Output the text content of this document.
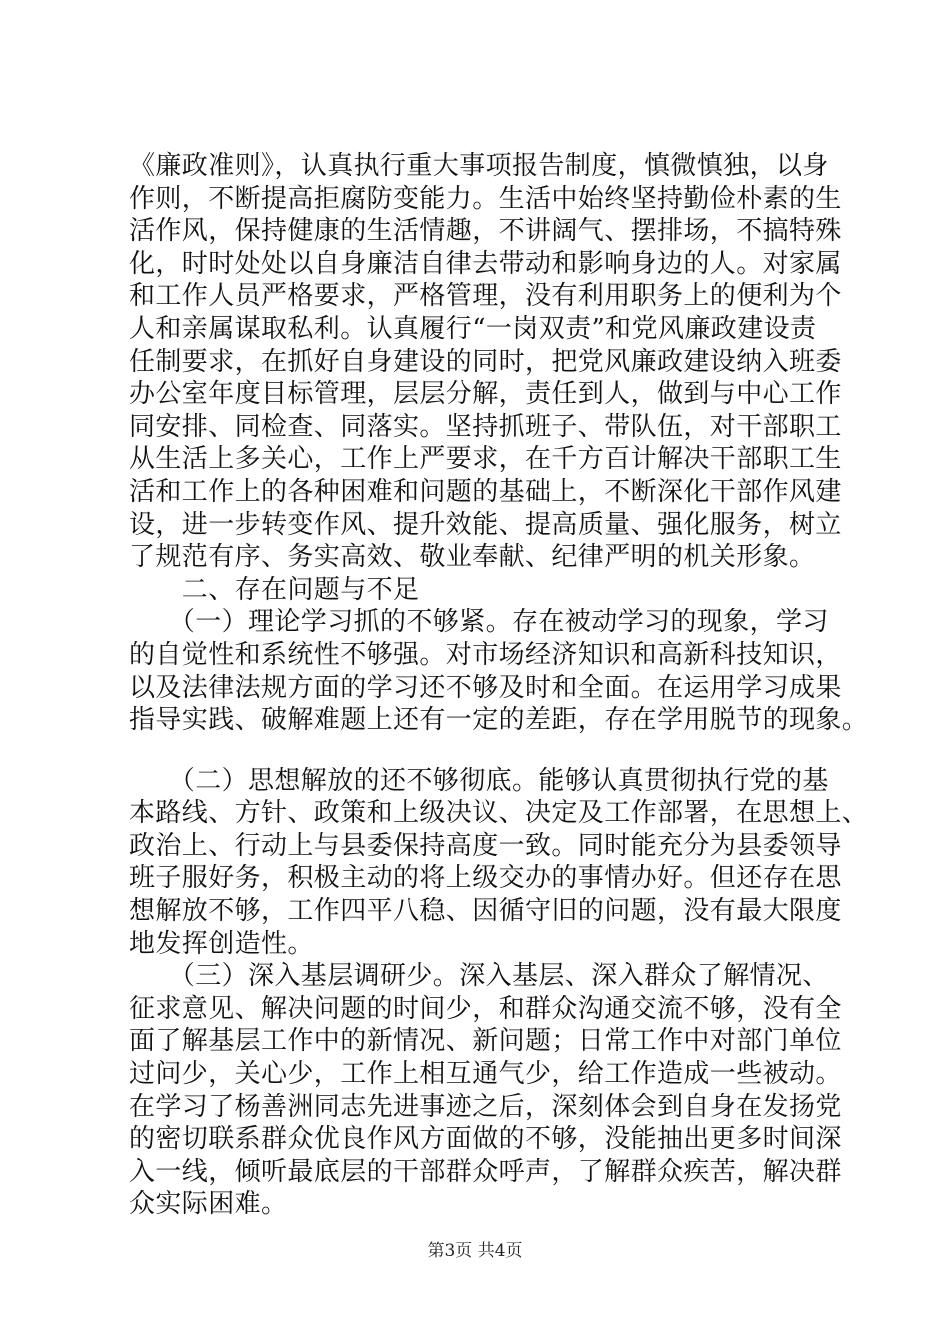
《廉政准则》，认真执行重大事项报告制度，慎微慎独，以身
作则，不断提高拒腐防变能力。生活中始终坚持勤俭朴素的生
活作风，保持健康的生活情趣，不讲阔气、摆排场，不搞特殊
化，时时处处以自身廉洁自律去带动和影响身边的人。对家属
和工作人员严格要求，严格管理，没有利用职务上的便利为个
人和亲属谋取私利。认真履行“一岗双责”和党风廉政建设责
任制要求，在抓好自身建设的同时，把党风廉政建设纳入班委
办公室年度目标管理，层层分解，责任到人，做到与中心工作
同安排、同检查、同落实。坚持抓班子、带队伍，对干部职工
从生活上多关心，工作上严要求，在千方百计解决干部职工生
活和工作上的各种困难和问题的基础上，不断深化干部作风建
设，进一步转变作风、提升效能、提高质量、强化服务，树立
了规范有序、务实高效、敬业奉献、纪律严明的机关形象。
　　二、存在问题与不足
　　（一）理论学习抓的不够紧。存在被动学习的现象，学习
的自觉性和系统性不够强。对市场经济知识和高新科技知识，
以及法律法规方面的学习还不够及时和全面。在运用学习成果
指导实践、破解难题上还有一定的差距，存在学用脱节的现象。
　　（二）思想解放的还不够彻底。能够认真贯彻执行党的基
本路线、方针、政策和上级决议、决定及工作部署，在思想上、
政治上、行动上与县委保持高度一致。同时能充分为县委领导
班子服好务，积极主动的将上级交办的事情办好。但还存在思
想解放不够，工作四平八稳、因循守旧的问题，没有最大限度
地发挥创造性。
　　（三）深入基层调研少。深入基层、深入群众了解情况、
征求意见、解决问题的时间少，和群众沟通交流不够，没有全
面了解基层工作中的新情况、新问题；日常工作中对部门单位
过问少，关心少，工作上相互通气少，给工作造成一些被动。
在学习了杨善洲同志先进事迹之后，深刻体会到自身在发扬党
的密切联系群众优良作风方面做的不够，没能抽出更多时间深
入一线，倾听最底层的干部群众呼声，了解群众疾苦，解决群
众实际困难。
第3页 共4页
